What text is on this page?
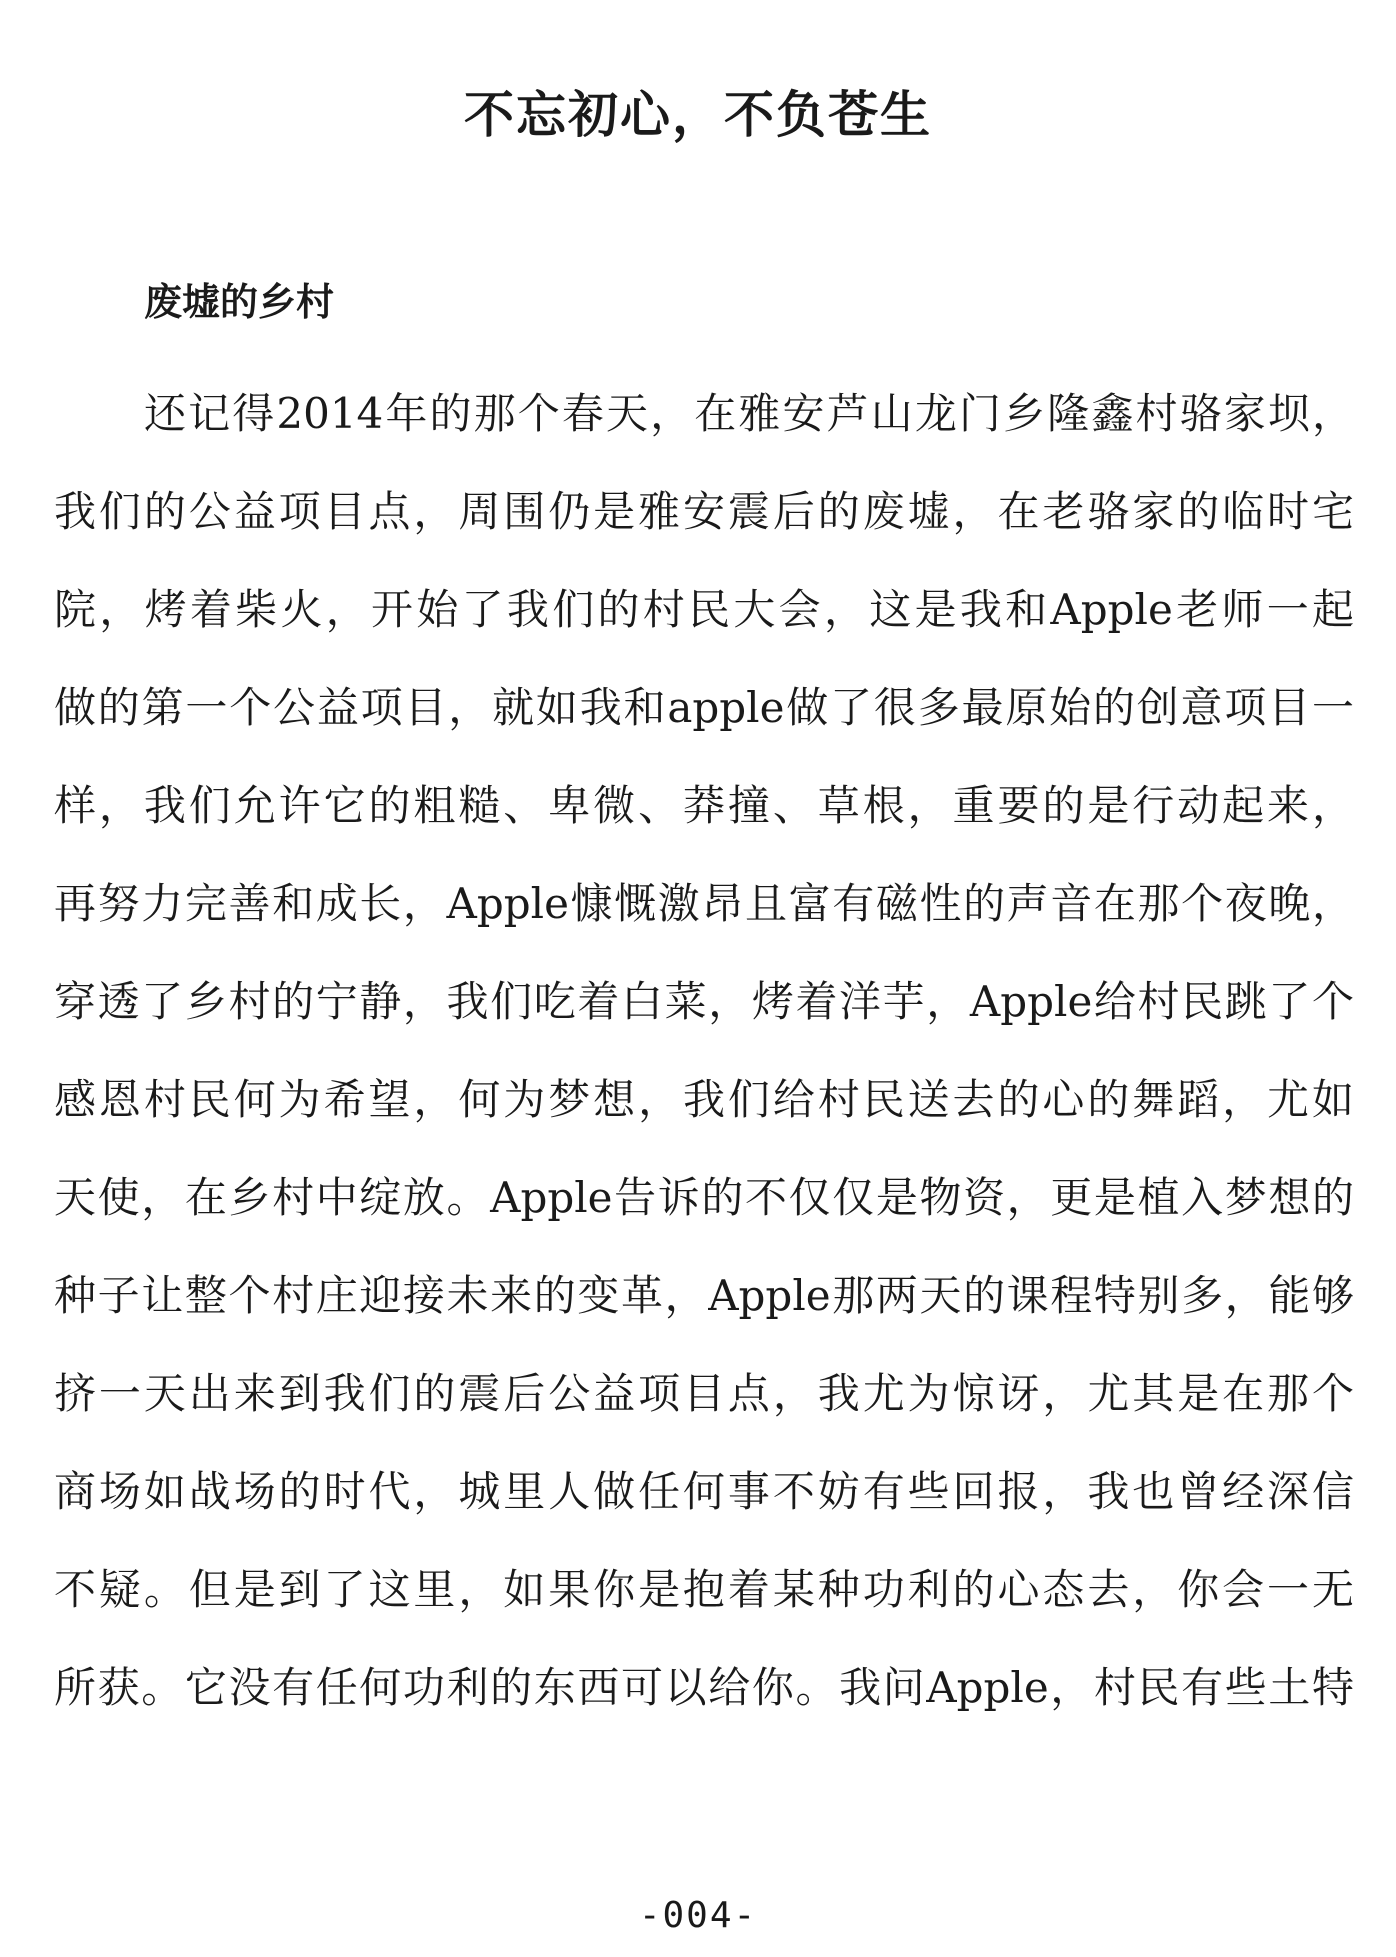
不忘初心，不负苍生
废墟的乡村
还记得2014年的那个春天，在雅安芦山龙门乡隆鑫村骆家坝，
我们的公益项目点，周围仍是雅安震后的废墟，在老骆家的临时宅
院，烤着柴火，开始了我们的村民大会，这是我和Apple老师一起
做的第一个公益项目，就如我和apple做了很多最原始的创意项目一
样，我们允许它的粗糙、卑微、莽撞、草根，重要的是行动起来，
再努力完善和成长，Apple慷慨激昂且富有磁性的声音在那个夜晚，
穿透了乡村的宁静，我们吃着白菜，烤着洋芋，Apple给村民跳了个
感恩村民何为希望，何为梦想，我们给村民送去的心的舞蹈，尤如
天使，在乡村中绽放。Apple告诉的不仅仅是物资，更是植入梦想的
种子让整个村庄迎接未来的变革，Apple那两天的课程特别多，能够
挤一天出来到我们的震后公益项目点，我尤为惊讶，尤其是在那个
商场如战场的时代，城里人做任何事不妨有些回报，我也曾经深信
不疑。但是到了这里，如果你是抱着某种功利的心态去，你会一无
所获。它没有任何功利的东西可以给你。我问Apple，村民有些土特
-004-
